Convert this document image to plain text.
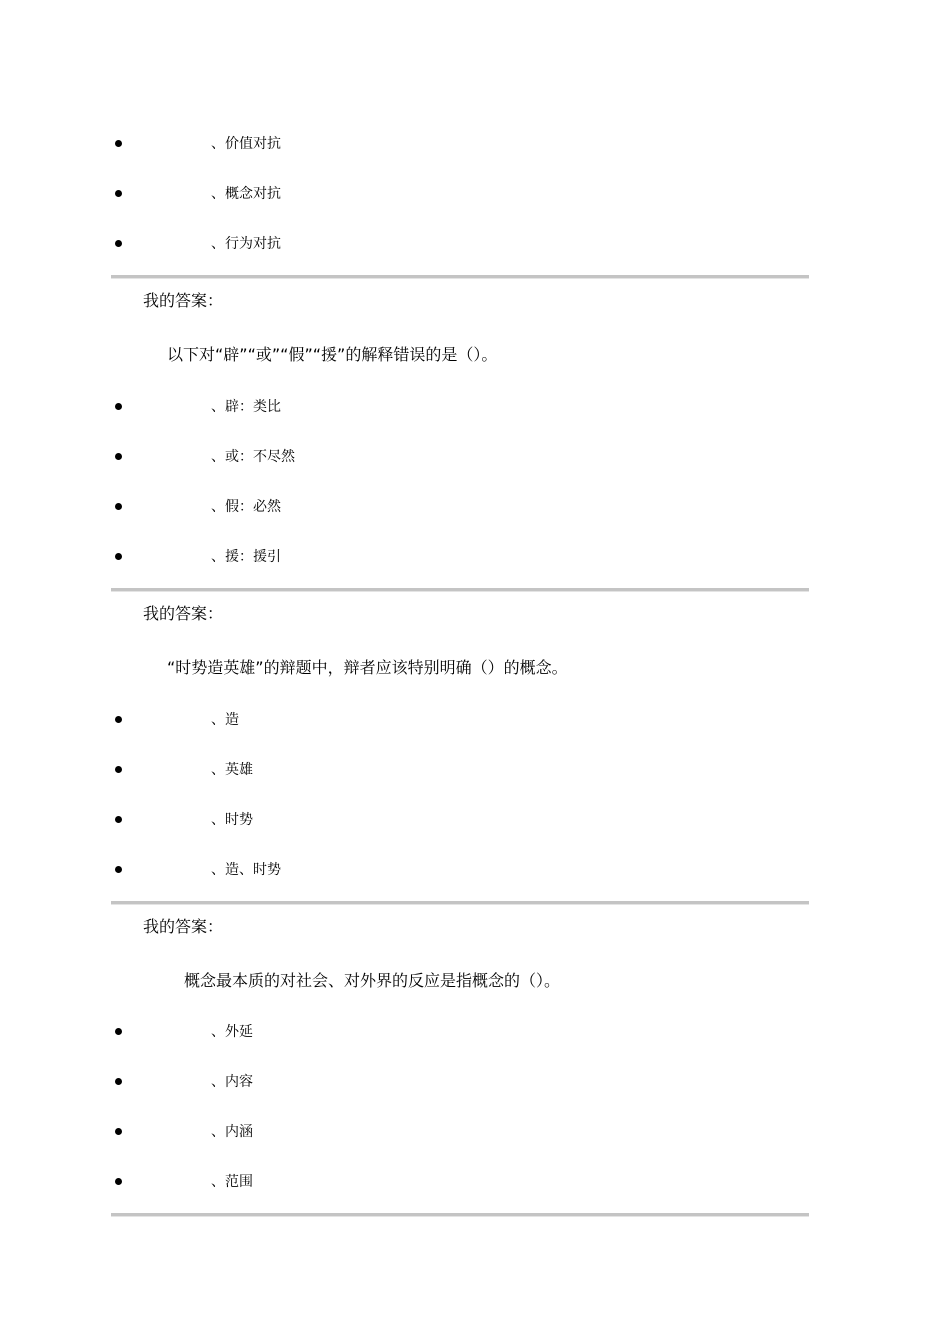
、价值对抗
、概念对抗
、行为对抗
我的答案：
以下对“辟”“或”“假”“援”的解释错误的是（）。
、辟：类比
、或：不尽然
、假：必然
、援：援引
我的答案：
“时势造英雄”的辩题中，辩者应该特别明确（）的概念。
、造
、英雄
、时势
、造、时势
我的答案：
概念最本质的对社会、对外界的反应是指概念的（）。
、外延
、内容
、内涵
、范围
